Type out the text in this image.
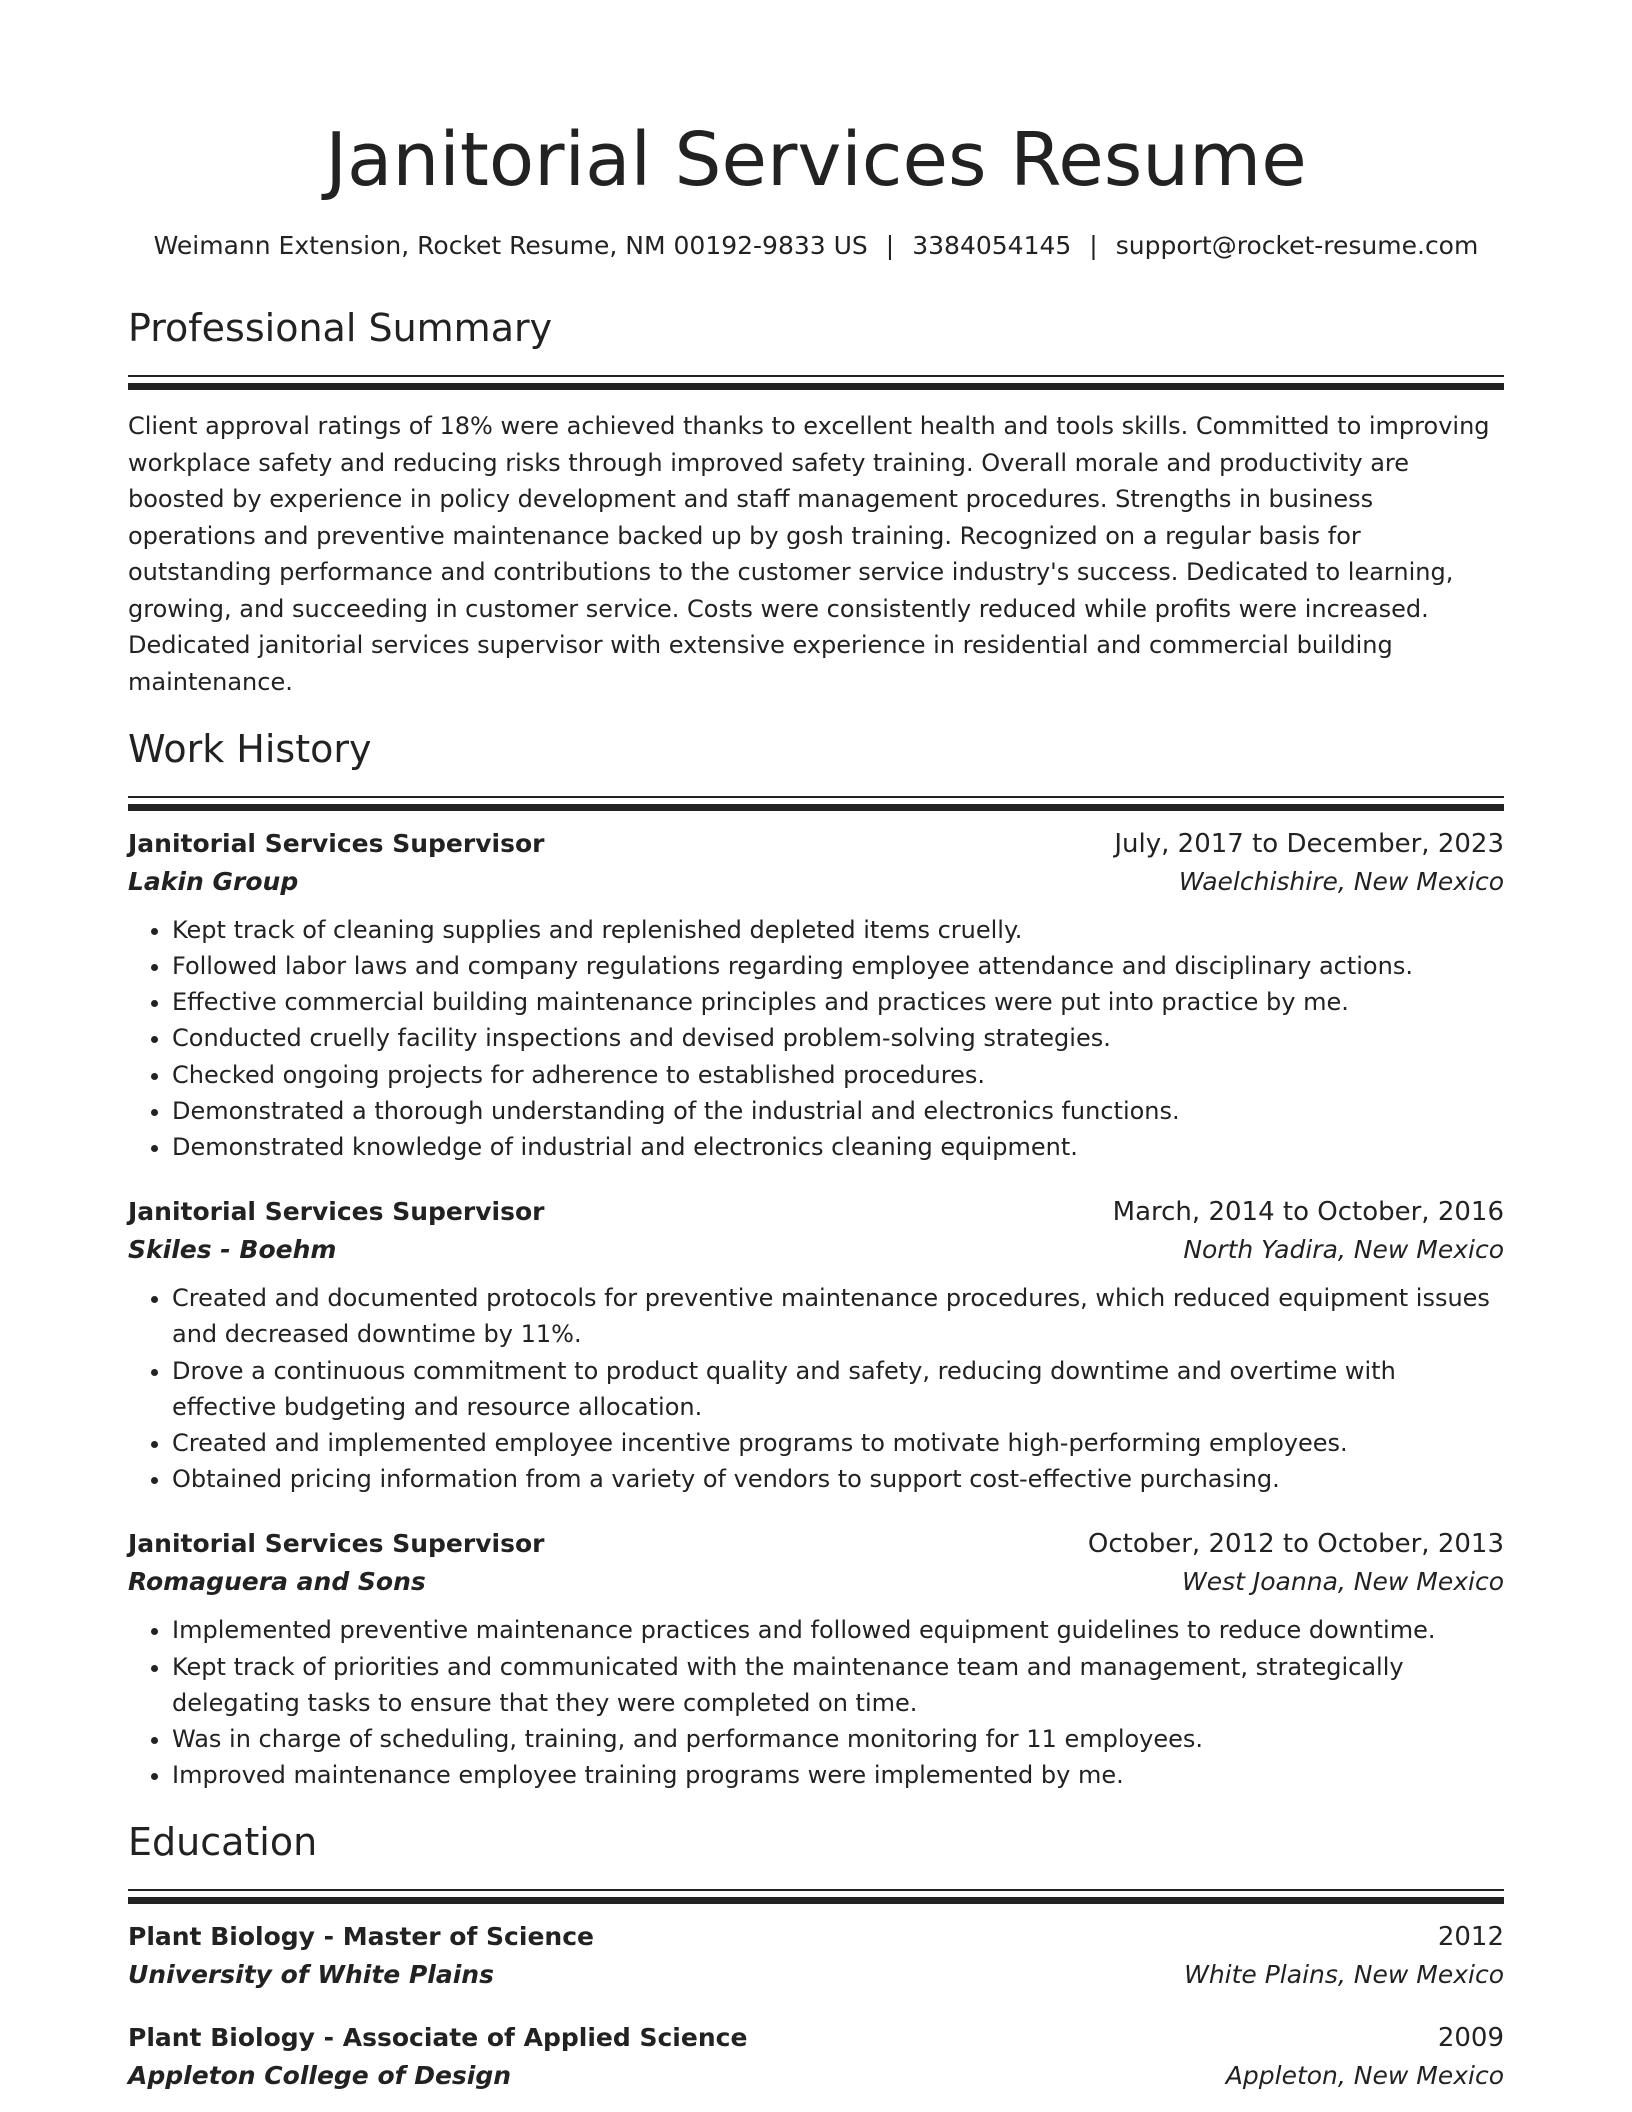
Janitorial Services Resume
Weimann Extension, Rocket Resume, NM 00192-9833 US | 3384054145 | support@rocket-resume.com
Professional Summary

Client approval ratings of 18% were achieved thanks to excellent health and tools skills. Committed to improving workplace safety and reducing risks through improved safety training. Overall morale and productivity are boosted by experience in policy development and staff management procedures. Strengths in business operations and preventive maintenance backed up by gosh training. Recognized on a regular basis for outstanding performance and contributions to the customer service industry's success. Dedicated to learning, growing, and succeeding in customer service. Costs were consistently reduced while profits were increased. Dedicated janitorial services supervisor with extensive experience in residential and commercial building maintenance.

Work History
Janitorial Services Supervisor	July, 2017 to December, 2023
Lakin Group	Waelchishire, New Mexico
• Kept track of cleaning supplies and replenished depleted items cruelly.
• Followed labor laws and company regulations regarding employee attendance and disciplinary actions.
• Effective commercial building maintenance principles and practices were put into practice by me.
• Conducted cruelly facility inspections and devised problem-solving strategies.
• Checked ongoing projects for adherence to established procedures.
• Demonstrated a thorough understanding of the industrial and electronics functions.
• Demonstrated knowledge of industrial and electronics cleaning equipment.
Janitorial Services Supervisor	March, 2014 to October, 2016
Skiles - Boehm	North Yadira, New Mexico
• Created and documented protocols for preventive maintenance procedures, which reduced equipment issues and decreased downtime by 11%.
• Drove a continuous commitment to product quality and safety, reducing downtime and overtime with effective budgeting and resource allocation.
• Created and implemented employee incentive programs to motivate high-performing employees.
• Obtained pricing information from a variety of vendors to support cost-effective purchasing.
Janitorial Services Supervisor	October, 2012 to October, 2013
Romaguera and Sons	West Joanna, New Mexico
• Implemented preventive maintenance practices and followed equipment guidelines to reduce downtime.
• Kept track of priorities and communicated with the maintenance team and management, strategically delegating tasks to ensure that they were completed on time.
• Was in charge of scheduling, training, and performance monitoring for 11 employees.
• Improved maintenance employee training programs were implemented by me.
Education
Plant Biology - Master of Science	2012
University of White Plains	White Plains, New Mexico
Plant Biology - Associate of Applied Science	2009
Appleton College of Design	Appleton, New Mexico
